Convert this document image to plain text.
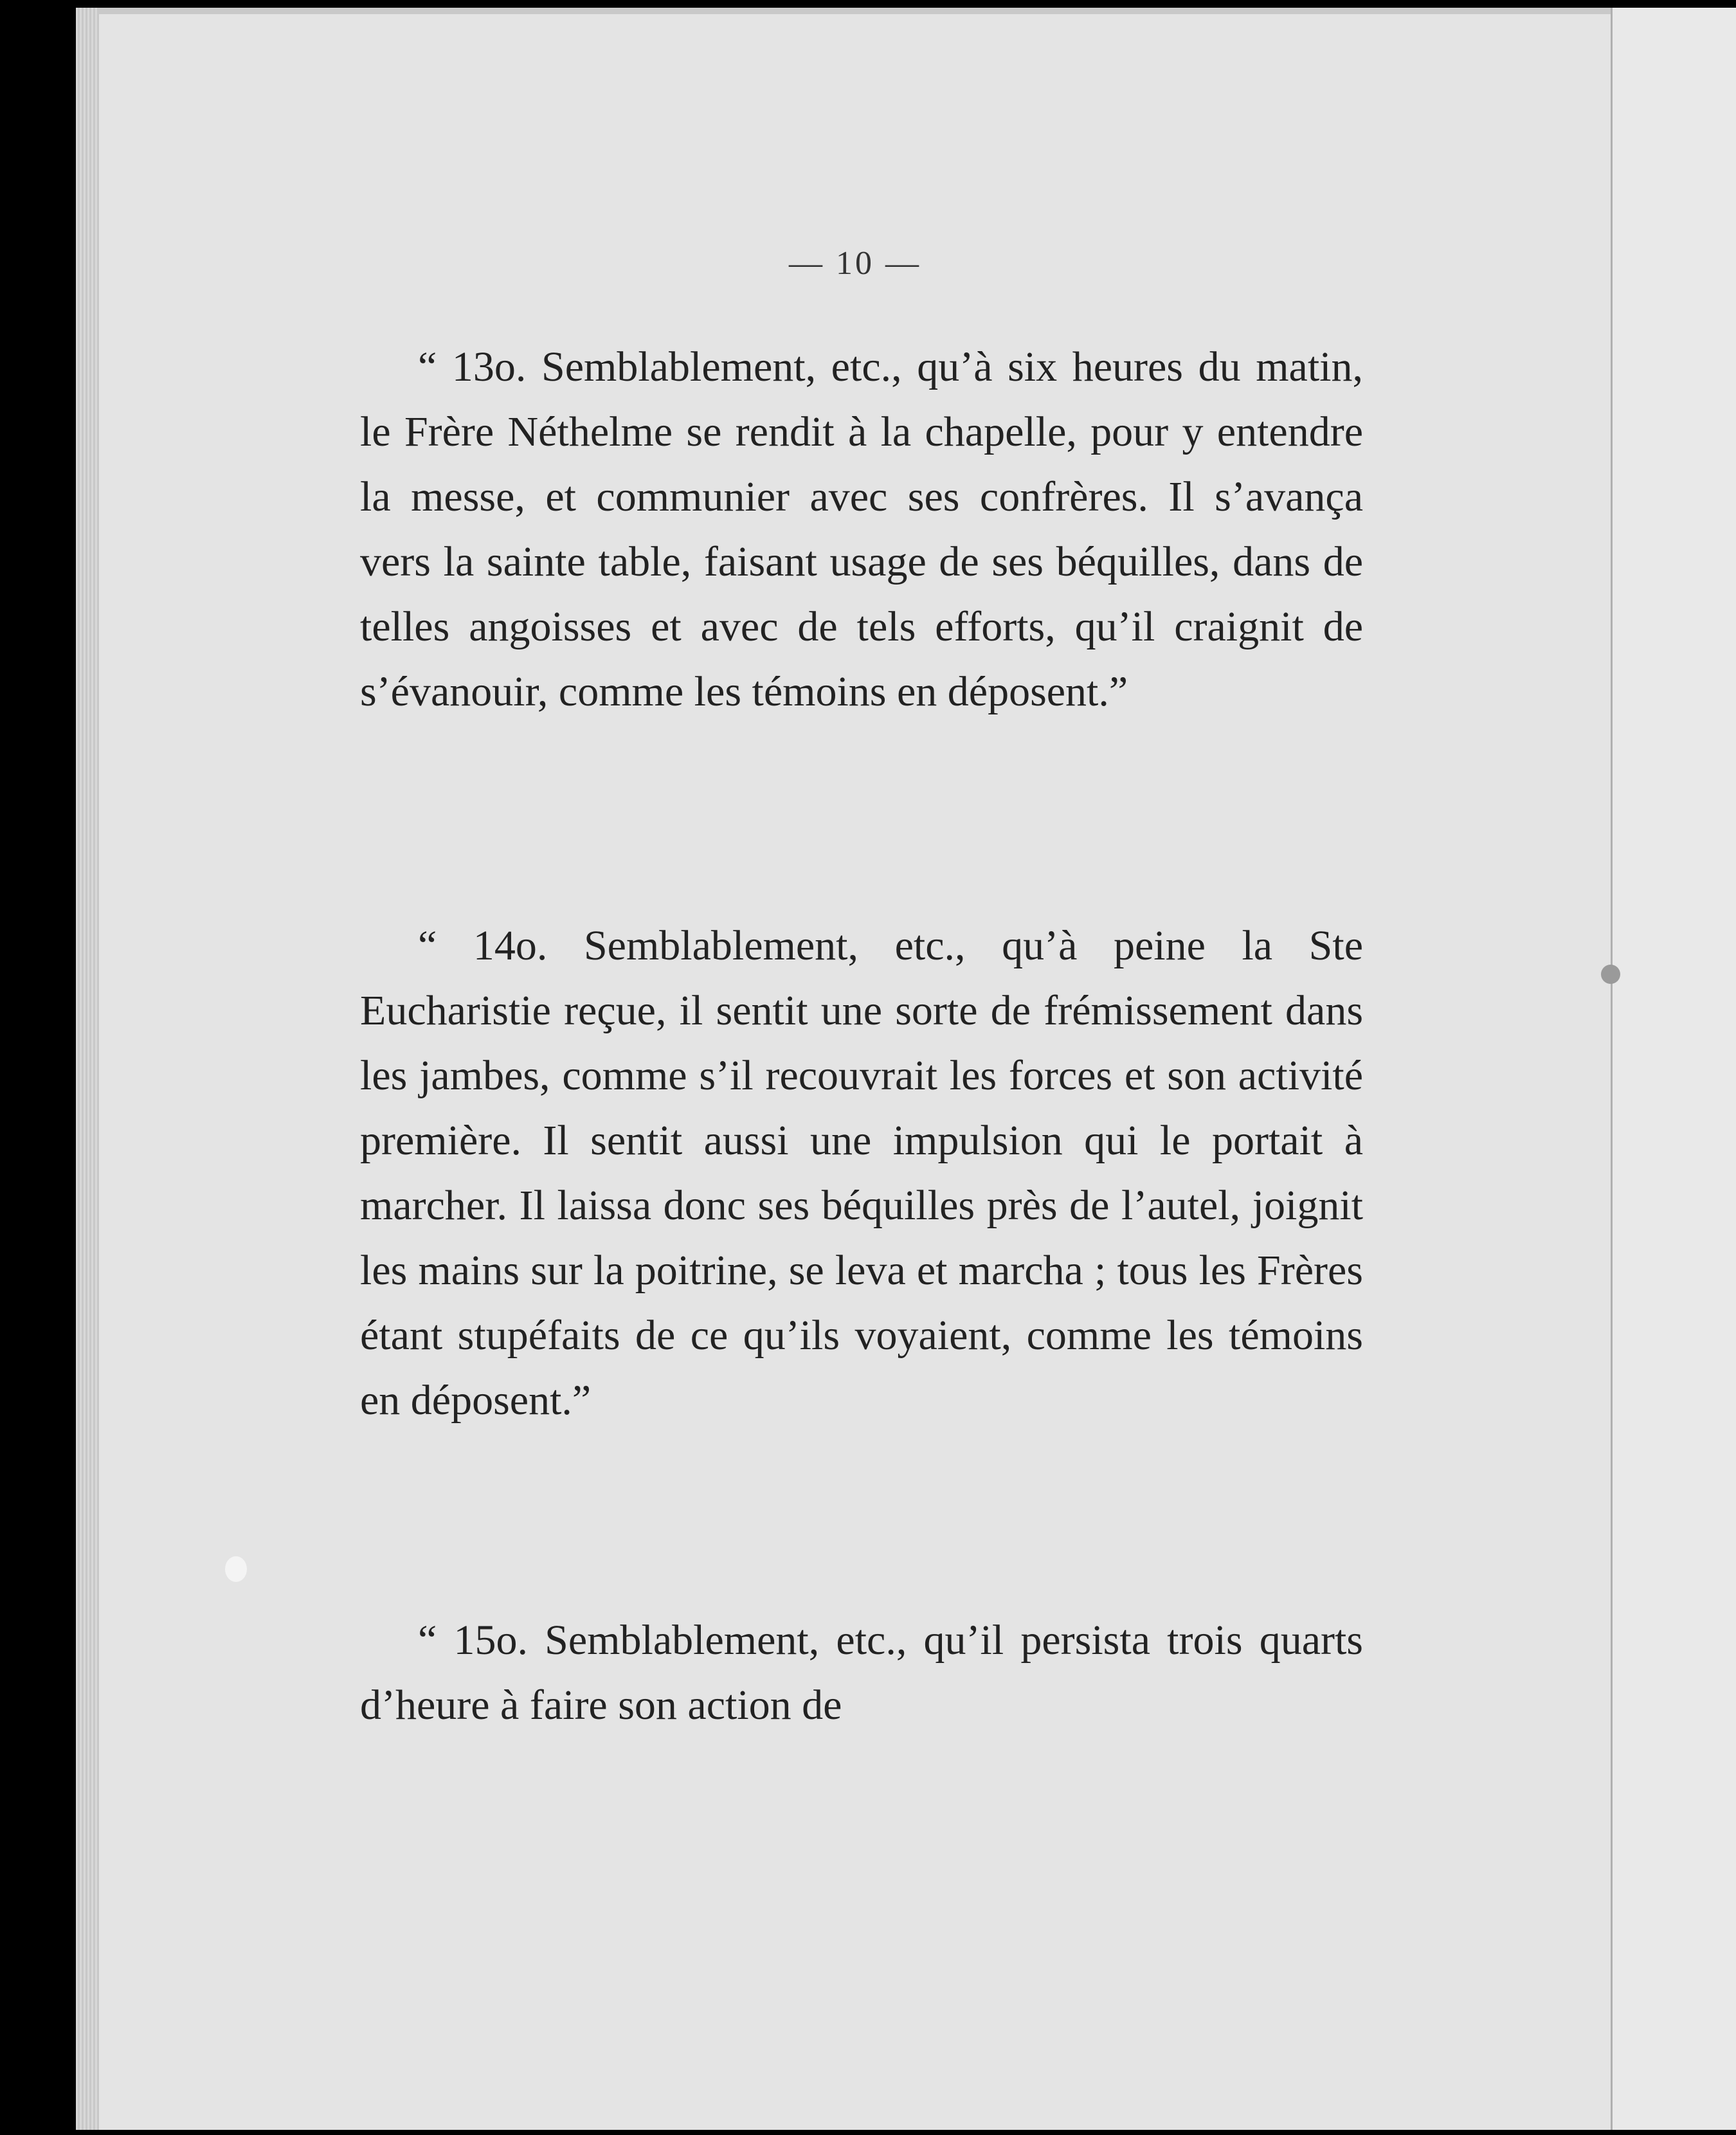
— 10 —

“ 13o. Semblablement, etc., qu’à six heures du matin, le Frère Néthelme se rendit à la chapelle, pour y entendre la messe, et communier avec ses confrères. Il s’avança vers la sainte table, faisant usage de ses béquilles, dans de telles angoisses et avec de tels efforts, qu’il craignit de s’évanouir, comme les témoins en déposent.”

“ 14o. Semblablement, etc., qu’à peine la Ste Eucharistie reçue, il sentit une sorte de frémissement dans les jambes, comme s’il recouvrait les forces et son activité première. Il sentit aussi une impulsion qui le portait à marcher. Il laissa donc ses béquilles près de l’autel, joignit les mains sur la poitrine, se leva et marcha ; tous les Frères étant stupéfaits de ce qu’ils voyaient, comme les témoins en déposent.”

“ 15o. Semblablement, etc., qu’il persista trois quarts d’heure à faire son action de
